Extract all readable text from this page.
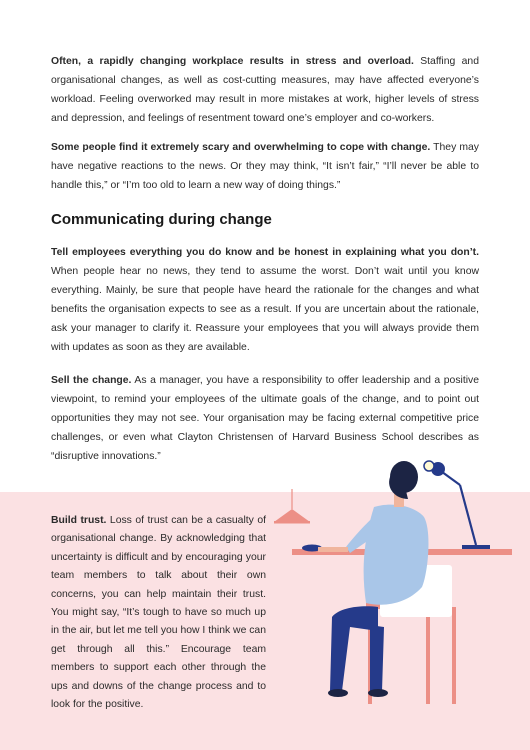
Often, a rapidly changing workplace results in stress and overload. Staffing and organisational changes, as well as cost-cutting measures, may have affected everyone’s workload. Feeling overworked may result in more mistakes at work, higher levels of stress and depression, and feelings of resentment toward one’s employer and co-workers.

Some people find it extremely scary and overwhelming to cope with change. They may have negative reactions to the news. Or they may think, “It isn’t fair,” “I’ll never be able to handle this,” or “I’m too old to learn a new way of doing things.”

Communicating during change

Tell employees everything you do know and be honest in explaining what you don’t. When people hear no news, they tend to assume the worst. Don’t wait until you know everything. Mainly, be sure that people have heard the rationale for the changes and what benefits the organisation expects to see as a result. If you are uncertain about the rationale, ask your manager to clarify it. Reassure your employees that you will always provide them with updates as soon as they are available.

Sell the change. As a manager, you have a responsibility to offer leadership and a positive viewpoint, to remind your employees of the ultimate goals of the change, and to point out opportunities they may not see. Your organisation may be facing external competitive price challenges, or even what Clayton Christensen of Harvard Business School describes as “disruptive innovations.”

Build trust. Loss of trust can be a casualty of organisational change. By acknowledging that uncertainty is difficult and by encouraging your team members to talk about their own concerns, you can help maintain their trust. You might say, “It’s tough to have so much up in the air, but let me tell you how I think we can get through all this.” Encourage team members to support each other through the ups and downs of the change process and to look for the positive.
